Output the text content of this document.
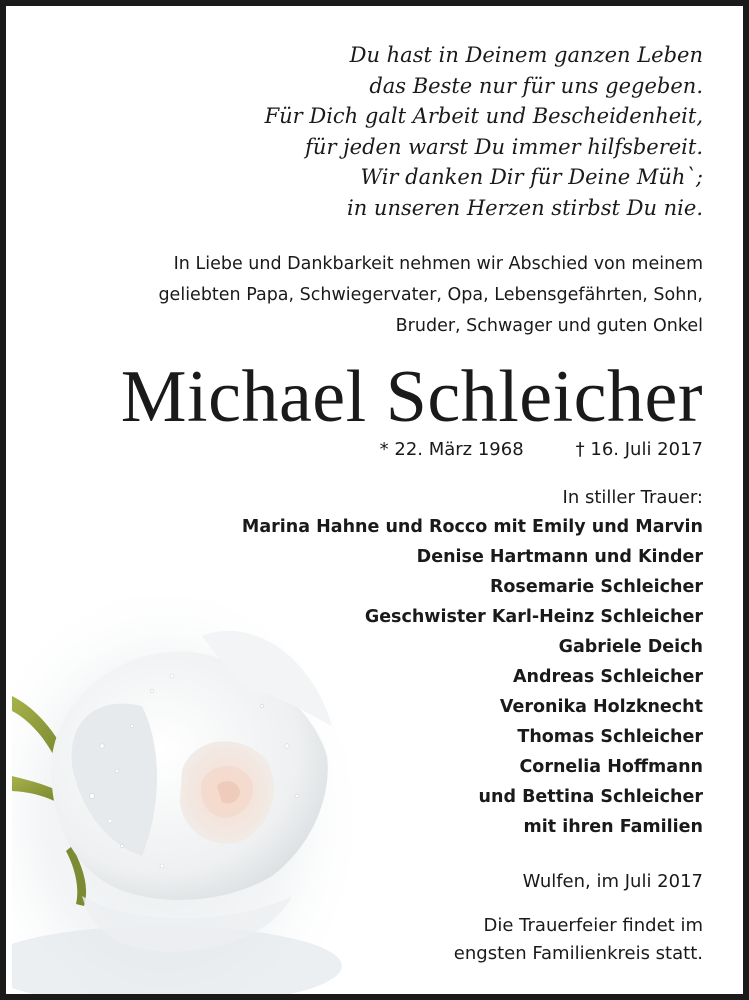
Du hast in Deinem ganzen Leben
das Beste nur für uns gegeben.
Für Dich galt Arbeit und Bescheidenheit,
für jeden warst Du immer hilfsbereit.
Wir danken Dir für Deine Müh`;
in unseren Herzen stirbst Du nie.
In Liebe und Dankbarkeit nehmen wir Abschied von meinem
geliebten Papa, Schwiegervater, Opa, Lebensgefährten, Sohn,
Bruder, Schwager und guten Onkel
Michael Schleicher
* 22. März 1968	† 16. Juli 2017
In stiller Trauer:
Marina Hahne und Rocco mit Emily und Marvin
Denise Hartmann und Kinder
Rosemarie Schleicher
Geschwister Karl-Heinz Schleicher
Gabriele Deich
Andreas Schleicher
Veronika Holzknecht
Thomas Schleicher
Cornelia Hoffmann
und Bettina Schleicher
mit ihren Familien
Wulfen, im Juli 2017
Die Trauerfeier findet im
engsten Familienkreis statt.
